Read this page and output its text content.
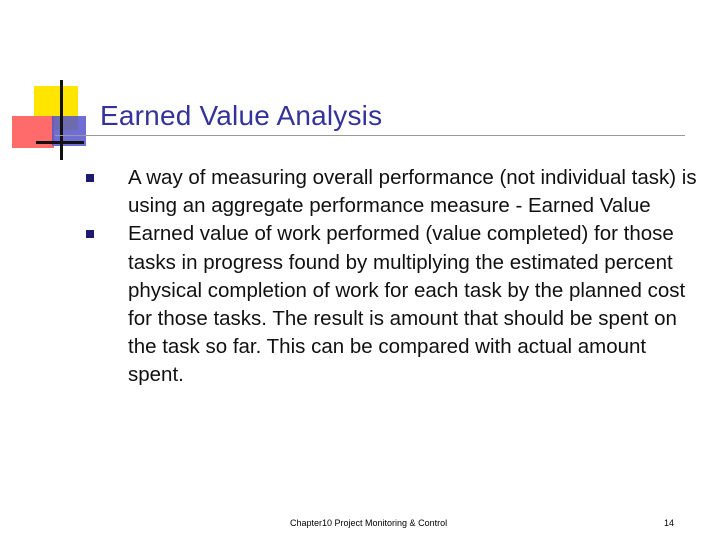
Earned Value Analysis
A way of measuring overall performance (not individual task) is using an aggregate performance measure - Earned Value
Earned value of work performed (value completed) for those tasks in progress found by multiplying the estimated percent physical completion of work for each task by the planned cost for those tasks. The result is amount that should be spent on the task so far. This can be compared with actual amount spent.
Chapter10 Project Monitoring & Control	14
